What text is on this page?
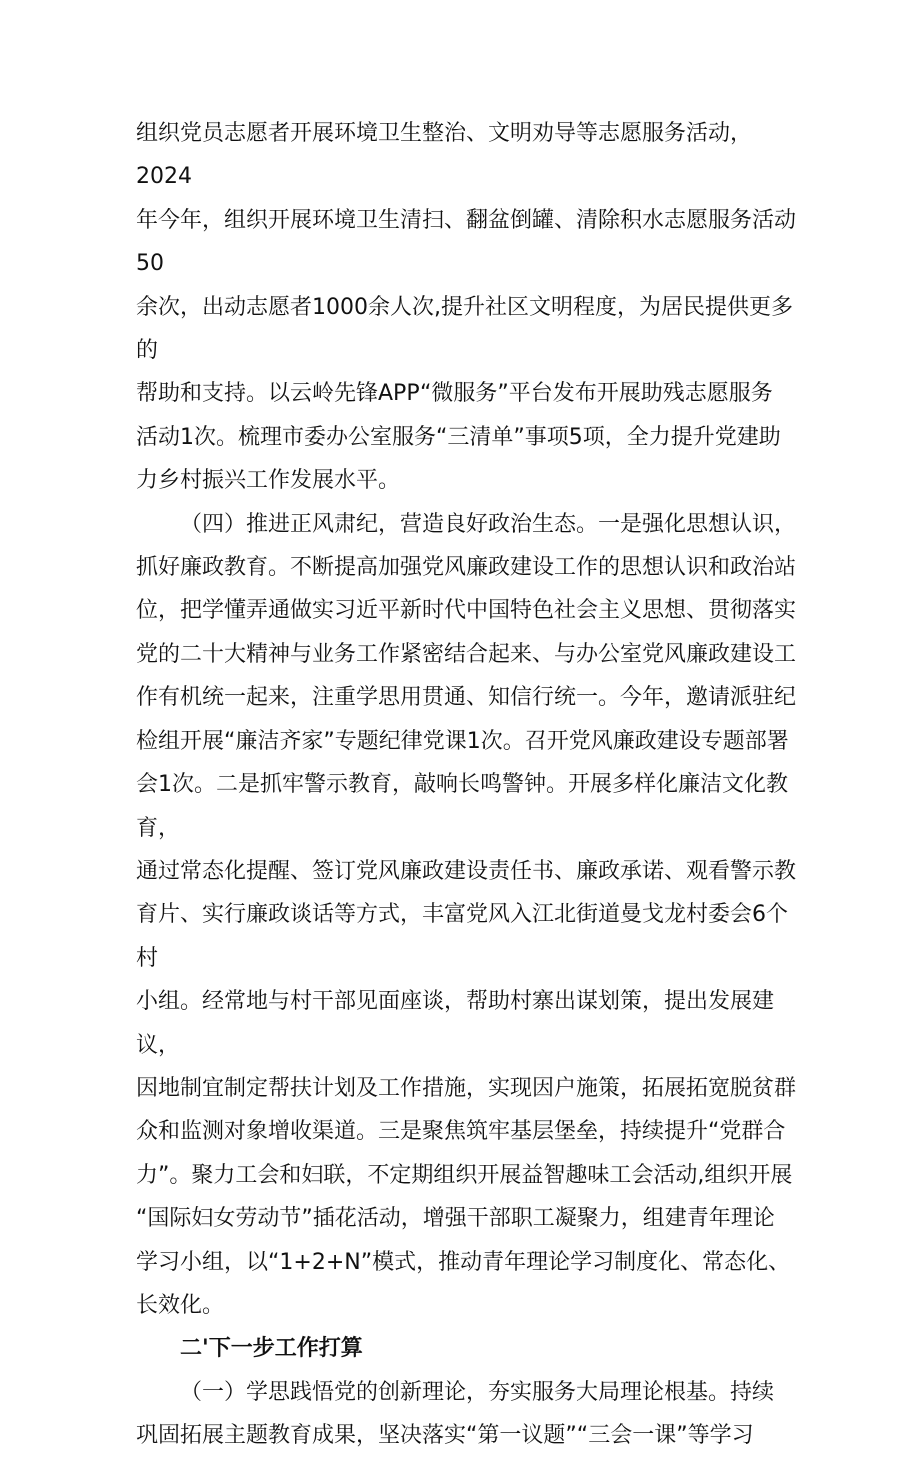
组织党员志愿者开展环境卫生整治、文明劝导等志愿服务活动，2024
年今年，组织开展环境卫生清扫、翻盆倒罐、清除积水志愿服务活动50
余次，出动志愿者1000余人次,提升社区文明程度，为居民提供更多的
帮助和支持。以云岭先锋APP“微服务”平台发布开展助残志愿服务
活动1次。梳理市委办公室服务“三清单”事项5项，全力提升党建助
力乡村振兴工作发展水平。

（四）推进正风肃纪，营造良好政治生态。一是强化思想认识，
抓好廉政教育。不断提高加强党风廉政建设工作的思想认识和政治站
位，把学懂弄通做实习近平新时代中国特色社会主义思想、贯彻落实
党的二十大精神与业务工作紧密结合起来、与办公室党风廉政建设工
作有机统一起来，注重学思用贯通、知信行统一。今年，邀请派驻纪
检组开展“廉洁齐家”专题纪律党课1次。召开党风廉政建设专题部署
会1次。二是抓牢警示教育，敲响长鸣警钟。开展多样化廉洁文化教育，
通过常态化提醒、签订党风廉政建设责任书、廉政承诺、观看警示教
育片、实行廉政谈话等方式，丰富党风入江北街道曼戈龙村委会6个村
小组。经常地与村干部见面座谈，帮助村寨出谋划策，提出发展建议，
因地制宜制定帮扶计划及工作措施，实现因户施策，拓展拓宽脱贫群
众和监测对象增收渠道。三是聚焦筑牢基层堡垒，持续提升“党群合
力”。聚力工会和妇联，不定期组织开展益智趣味工会活动,组织开展
“国际妇女劳动节”插花活动，增强干部职工凝聚力，组建青年理论
学习小组，以“1+2+N”模式，推动青年理论学习制度化、常态化、
长效化。

二'下一步工作打算

（一）学思践悟党的创新理论，夯实服务大局理论根基。持续
巩固拓展主题教育成果，坚决落实“第一议题”“三会一课”等学习
